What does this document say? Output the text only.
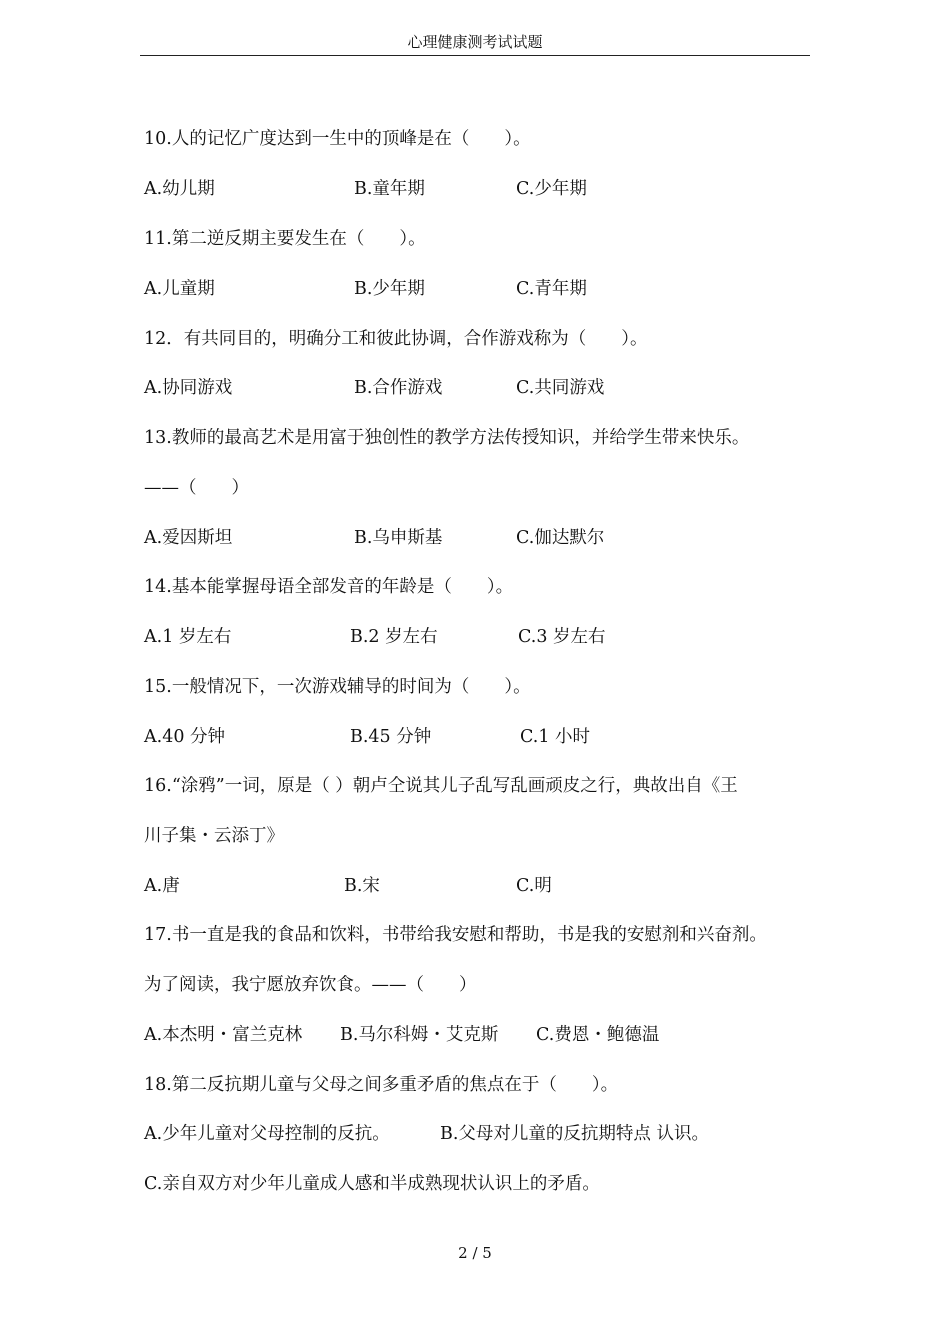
心理健康测考试试题
10.人的记忆广度达到一生中的顶峰是在（　　）。
A.幼儿期	B.童年期	C.少年期
11.第二逆反期主要发生在（　　）。
A.儿童期	B.少年期	C.青年期
12．有共同目的，明确分工和彼此协调，合作游戏称为（　　）。
A.协同游戏	B.合作游戏	C.共同游戏
13.教师的最高艺术是用富于独创性的教学方法传授知识，并给学生带来快乐。
——（　　）
A.爱因斯坦	B.乌申斯基	C.伽达默尔
14.基本能掌握母语全部发音的年龄是（　　）。
A.1 岁左右	B.2 岁左右	C.3 岁左右
15.一般情况下，一次游戏辅导的时间为（　　）。
A.40 分钟	B.45 分钟	C.1 小时
16.“涂鸦”一词，原是（ ）朝卢仝说其儿子乱写乱画顽皮之行，典故出自《王
川子集・云添丁》
A.唐	B.宋	C.明
17.书一直是我的食品和饮料，书带给我安慰和帮助，书是我的安慰剂和兴奋剂。
为了阅读，我宁愿放弃饮食。——（　　）
A.本杰明・富兰克林 B.马尔科姆・艾克斯 C.费恩・鲍德温
18.第二反抗期儿童与父母之间多重矛盾的焦点在于（　　）。
A.少年儿童对父母控制的反抗。	B.父母对儿童的反抗期特点 认识。
C.亲自双方对少年儿童成人感和半成熟现状认识上的矛盾。
2 / 5
